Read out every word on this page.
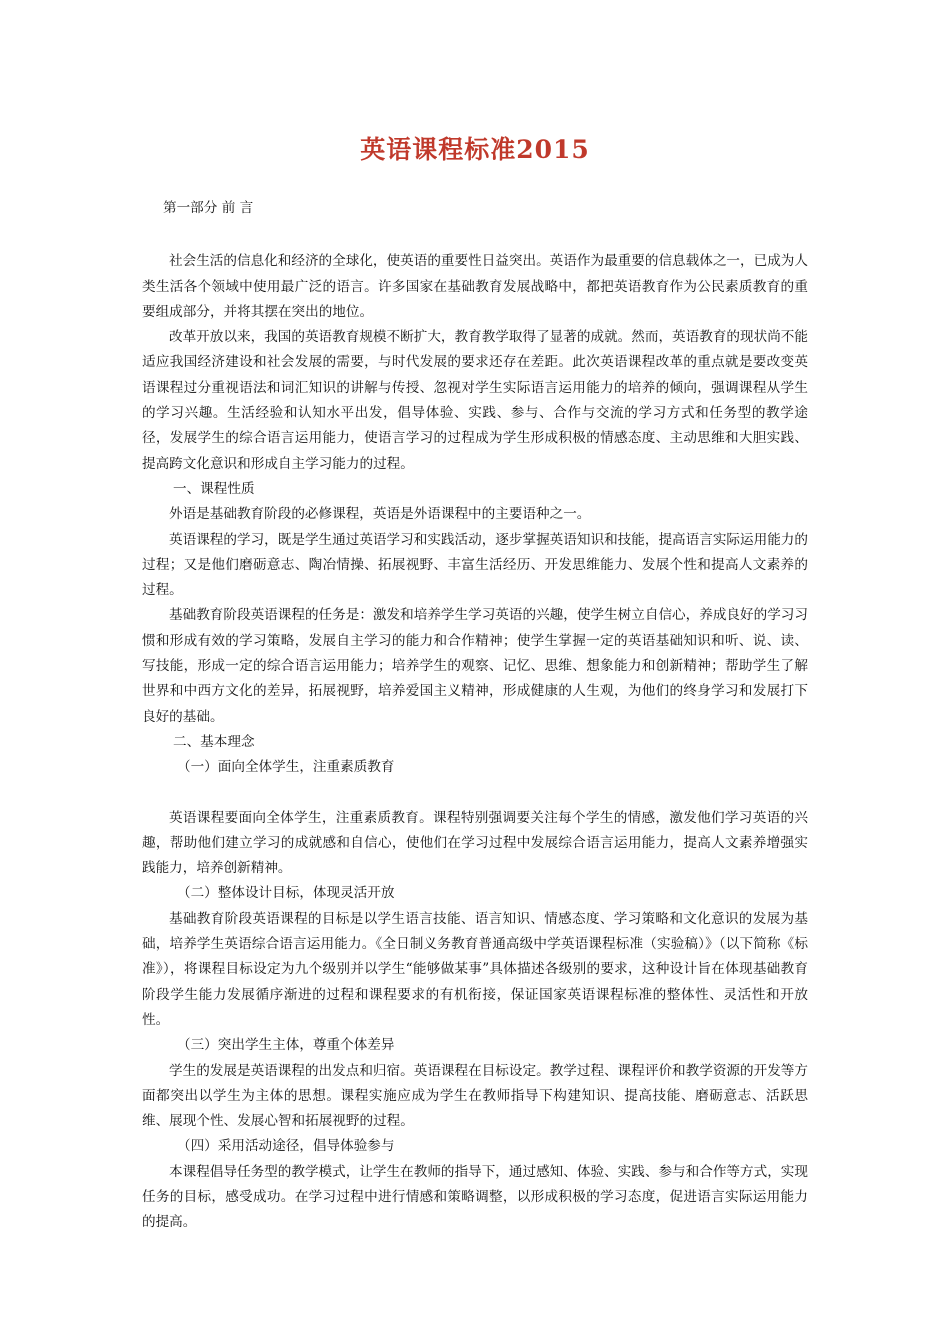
英语课程标准2015

第一部分 前 言

社会生活的信息化和经济的全球化，使英语的重要性日益突出。英语作为最重要的信息载体之一，已成为人类生活各个领域中使用最广泛的语言。许多国家在基础教育发展战略中，都把英语教育作为公民素质教育的重要组成部分，并将其摆在突出的地位。

改革开放以来，我国的英语教育规模不断扩大，教育教学取得了显著的成就。然而，英语教育的现状尚不能适应我国经济建设和社会发展的需要，与时代发展的要求还存在差距。此次英语课程改革的重点就是要改变英语课程过分重视语法和词汇知识的讲解与传授、忽视对学生实际语言运用能力的培养的倾向，强调课程从学生的学习兴趣。生活经验和认知水平出发，倡导体验、实践、参与、合作与交流的学习方式和任务型的教学途径，发展学生的综合语言运用能力，使语言学习的过程成为学生形成积极的情感态度、主动思维和大胆实践、提高跨文化意识和形成自主学习能力的过程。

一、课程性质

外语是基础教育阶段的必修课程，英语是外语课程中的主要语种之一。

英语课程的学习，既是学生通过英语学习和实践活动，逐步掌握英语知识和技能，提高语言实际运用能力的过程；又是他们磨砺意志、陶冶情操、拓展视野、丰富生活经历、开发思维能力、发展个性和提高人文素养的过程。

基础教育阶段英语课程的任务是：激发和培养学生学习英语的兴趣，使学生树立自信心，养成良好的学习习惯和形成有效的学习策略，发展自主学习的能力和合作精神；使学生掌握一定的英语基础知识和听、说、读、写技能，形成一定的综合语言运用能力；培养学生的观察、记忆、思维、想象能力和创新精神；帮助学生了解世界和中西方文化的差异，拓展视野，培养爱国主义精神，形成健康的人生观，为他们的终身学习和发展打下良好的基础。

二、基本理念

（一）面向全体学生，注重素质教育

英语课程要面向全体学生，注重素质教育。课程特别强调要关注每个学生的情感，激发他们学习英语的兴趣，帮助他们建立学习的成就感和自信心，使他们在学习过程中发展综合语言运用能力，提高人文素养增强实践能力，培养创新精神。

（二）整体设计目标，体现灵活开放

基础教育阶段英语课程的目标是以学生语言技能、语言知识、情感态度、学习策略和文化意识的发展为基础，培养学生英语综合语言运用能力。《全日制义务教育普通高级中学英语课程标准（实验稿）》（以下简称《标准》），将课程目标设定为九个级别并以学生“能够做某事”具体描述各级别的要求，这种设计旨在体现基础教育阶段学生能力发展循序渐进的过程和课程要求的有机衔接，保证国家英语课程标准的整体性、灵活性和开放性。

（三）突出学生主体，尊重个体差异

学生的发展是英语课程的出发点和归宿。英语课程在目标设定。教学过程、课程评价和教学资源的开发等方面都突出以学生为主体的思想。课程实施应成为学生在教师指导下构建知识、提高技能、磨砺意志、活跃思维、展现个性、发展心智和拓展视野的过程。

（四）采用活动途径，倡导体验参与

本课程倡导任务型的教学模式，让学生在教师的指导下，通过感知、体验、实践、参与和合作等方式，实现任务的目标，感受成功。在学习过程中进行情感和策略调整，以形成积极的学习态度，促进语言实际运用能力的提高。
